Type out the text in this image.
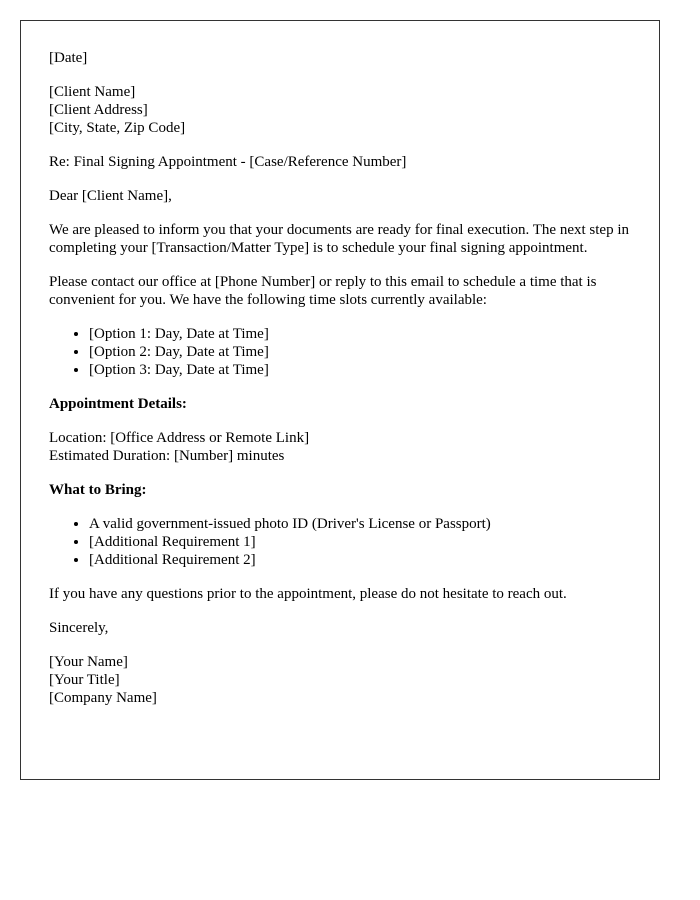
[Date]

[Client Name]
[Client Address]
[City, State, Zip Code]

Re: Final Signing Appointment - [Case/Reference Number]

Dear [Client Name],

We are pleased to inform you that your documents are ready for final execution. The next step in completing your [Transaction/Matter Type] is to schedule your final signing appointment.

Please contact our office at [Phone Number] or reply to this email to schedule a time that is convenient for you. We have the following time slots currently available:

• [Option 1: Day, Date at Time]
• [Option 2: Day, Date at Time]
• [Option 3: Day, Date at Time]

Appointment Details:

Location: [Office Address or Remote Link]
Estimated Duration: [Number] minutes

What to Bring:

• A valid government-issued photo ID (Driver's License or Passport)
• [Additional Requirement 1]
• [Additional Requirement 2]

If you have any questions prior to the appointment, please do not hesitate to reach out.

Sincerely,

[Your Name]
[Your Title]
[Company Name]
